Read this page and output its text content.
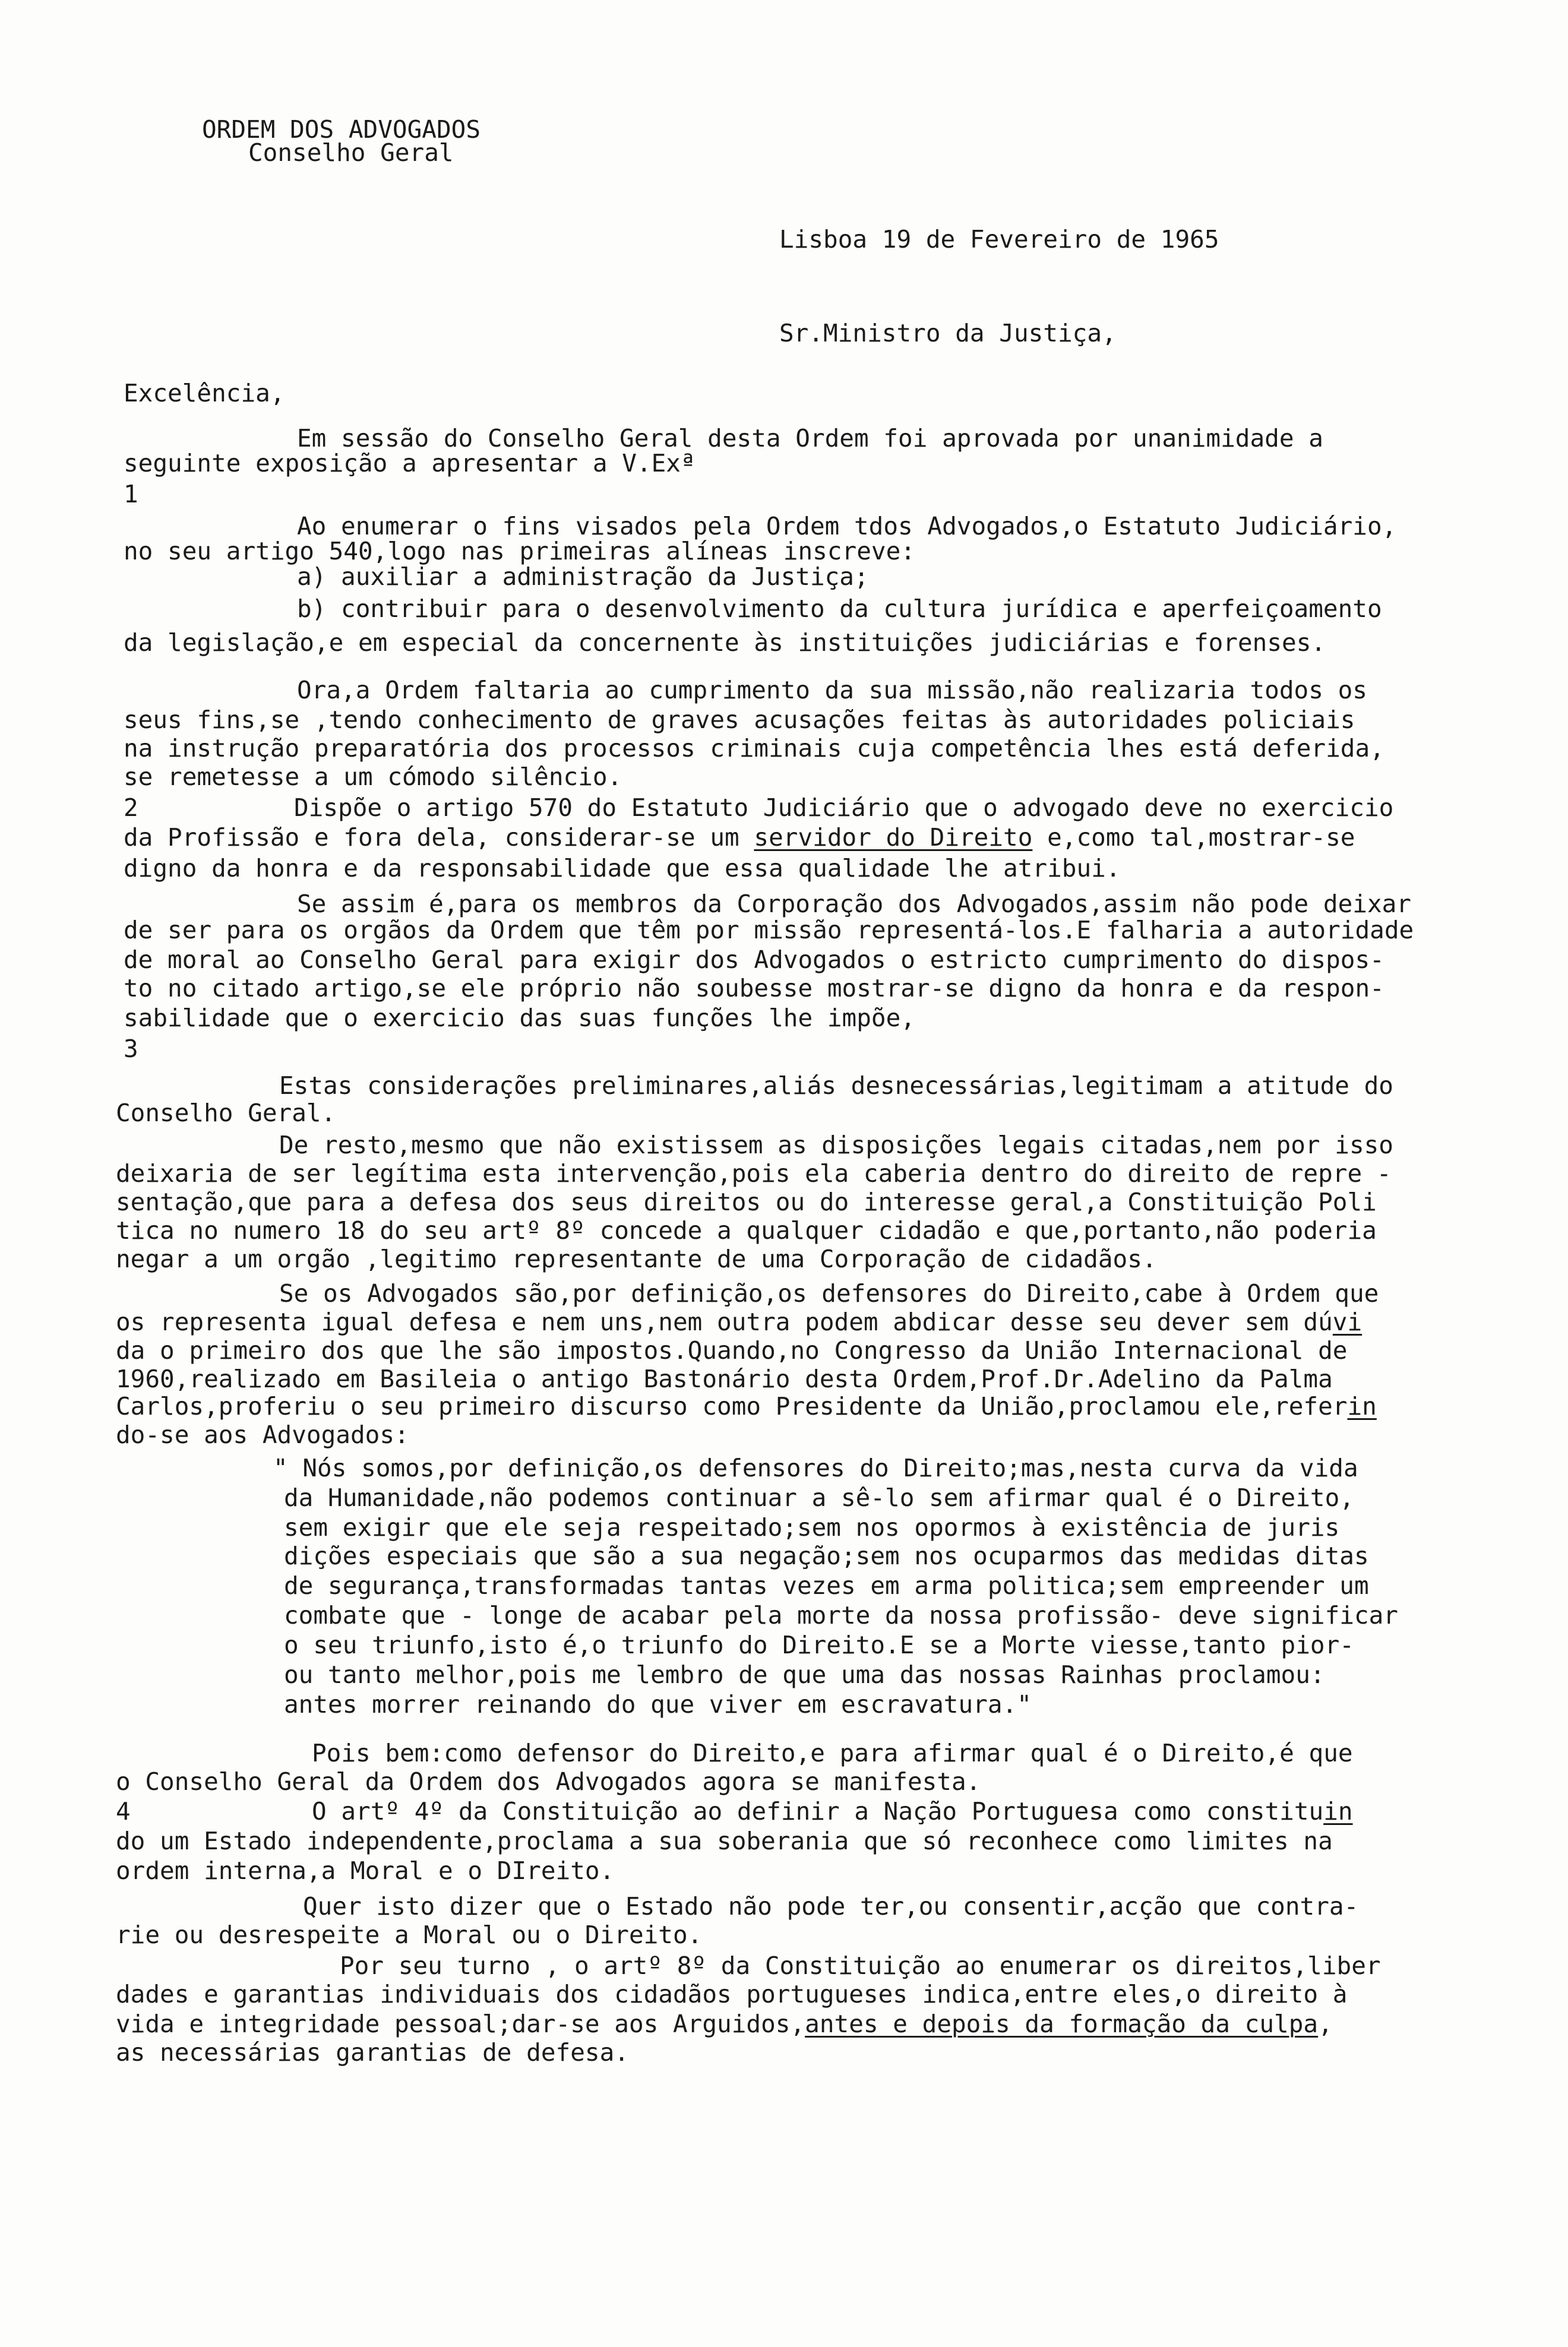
ORDEM DOS ADVOGADOS
Conselho Geral
Lisboa 19 de Fevereiro de 1965
Sr.Ministro da Justiça,
Excelência,
Em sessão do Conselho Geral desta Ordem foi aprovada por unanimidade a
seguinte exposição a apresentar a V.Exª
1
Ao enumerar o fins visados pela Ordem tdos Advogados,o Estatuto Judiciário,
no seu artigo 540,logo nas primeiras alíneas inscreve:
a) auxiliar a administração da Justiça;
b) contribuir para o desenvolvimento da cultura jurídica e aperfeiçoamento
da legislação,e em especial da concernente às instituições judiciárias e forenses.
Ora,a Ordem faltaria ao cumprimento da sua missão,não realizaria todos os
seus fins,se ,tendo conhecimento de graves acusações feitas às autoridades policiais
na instrução preparatória dos processos criminais cuja competência lhes está deferida,
se remetesse a um cómodo silêncio.
2	Dispõe o artigo 570 do Estatuto Judiciário que o advogado deve no exercicio
da Profissão e fora dela, considerar-se um servidor do Direito e,como tal,mostrar-se
digno da honra e da responsabilidade que essa qualidade lhe atribui.
Se assim é,para os membros da Corporação dos Advogados,assim não pode deixar
de ser para os orgãos da Ordem que têm por missão representá-los.E falharia a autoridade
de moral ao Conselho Geral para exigir dos Advogados o estricto cumprimento do dispos-
to no citado artigo,se ele próprio não soubesse mostrar-se digno da honra e da respon-
sabilidade que o exercicio das suas funções lhe impõe,
3
Estas considerações preliminares,aliás desnecessárias,legitimam a atitude do
Conselho Geral.
De resto,mesmo que não existissem as disposições legais citadas,nem por isso
deixaria de ser legítima esta intervenção,pois ela caberia dentro do direito de repre -
sentação,que para a defesa dos seus direitos ou do interesse geral,a Constituição Poli
tica no numero 18 do seu artº 8º concede a qualquer cidadão e que,portanto,não poderia
negar a um orgão ,legitimo representante de uma Corporação de cidadãos.
Se os Advogados são,por definição,os defensores do Direito,cabe à Ordem que
os representa igual defesa e nem uns,nem outra podem abdicar desse seu dever sem dúvi
da o primeiro dos que lhe são impostos.Quando,no Congresso da União Internacional de
1960,realizado em Basileia o antigo Bastonário desta Ordem,Prof.Dr.Adelino da Palma
Carlos,proferiu o seu primeiro discurso como Presidente da União,proclamou ele,referin
do-se aos Advogados:
" Nós somos,por definição,os defensores do Direito;mas,nesta curva da vida
da Humanidade,não podemos continuar a sê-lo sem afirmar qual é o Direito,
sem exigir que ele seja respeitado;sem nos opormos à existência de juris
dições especiais que são a sua negação;sem nos ocuparmos das medidas ditas
de segurança,transformadas tantas vezes em arma politica;sem empreender um
combate que - longe de acabar pela morte da nossa profissão- deve significar
o seu triunfo,isto é,o triunfo do Direito.E se a Morte viesse,tanto pior-
ou tanto melhor,pois me lembro de que uma das nossas Rainhas proclamou:
antes morrer reinando do que viver em escravatura."
Pois bem:como defensor do Direito,e para afirmar qual é o Direito,é que
o Conselho Geral da Ordem dos Advogados agora se manifesta.
4	O artº 4º da Constituição ao definir a Nação Portuguesa como constituin
do um Estado independente,proclama a sua soberania que só reconhece como limites na
ordem interna,a Moral e o DIreito.
Quer isto dizer que o Estado não pode ter,ou consentir,acção que contra-
rie ou desrespeite a Moral ou o Direito.
Por seu turno , o artº 8º da Constituição ao enumerar os direitos,liber
dades e garantias individuais dos cidadãos portugueses indica,entre eles,o direito à
vida e integridade pessoal;dar-se aos Arguidos,antes e depois da formação da culpa,
as necessárias garantias de defesa.
